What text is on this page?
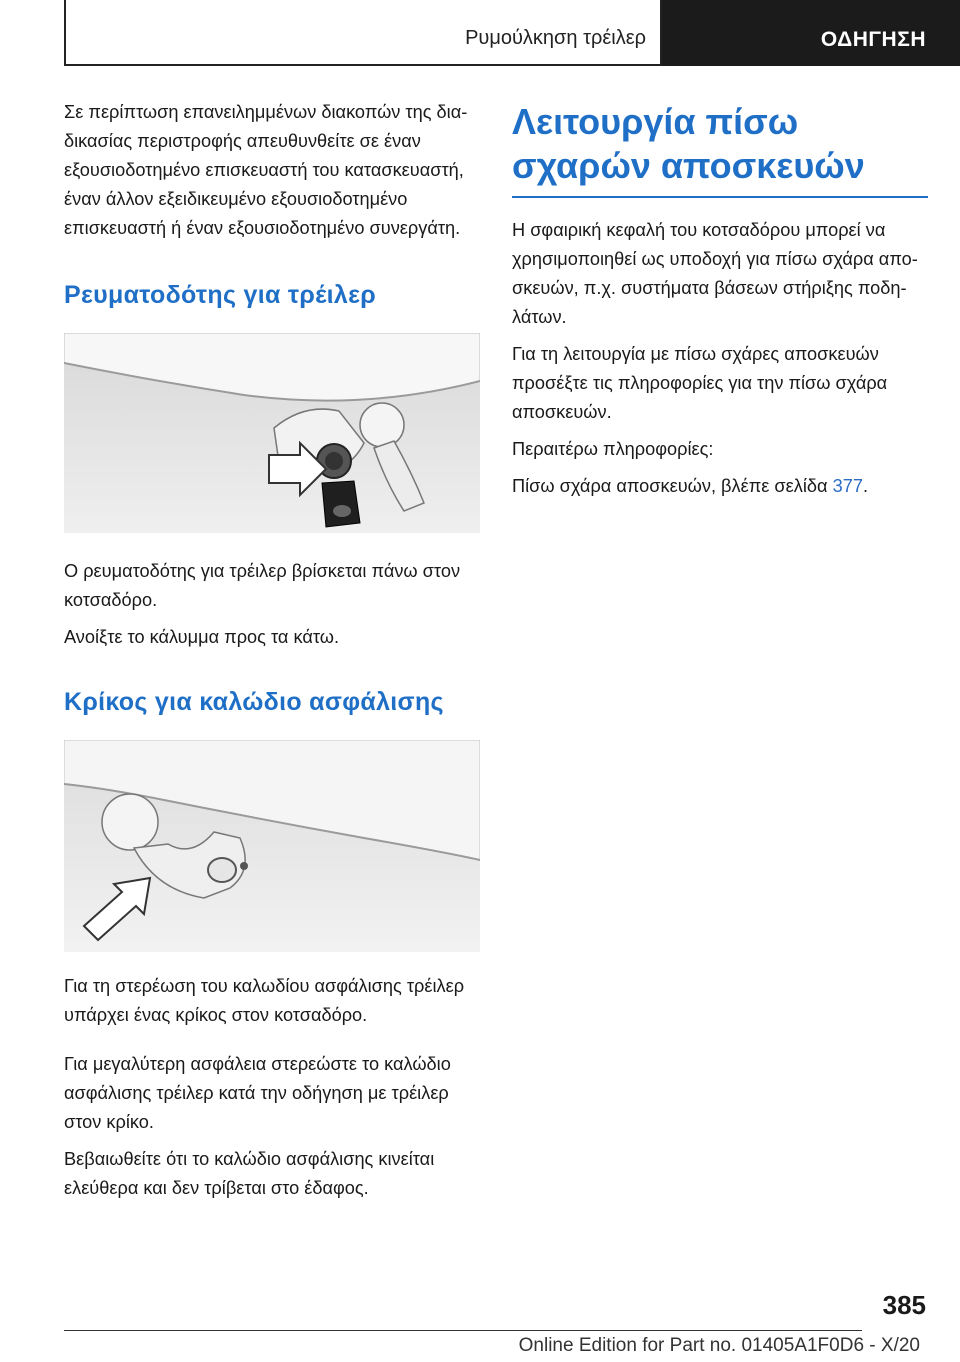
Ρυμούλκηση τρέιλερ	ΟΔΗΓΗΣΗ

Σε περίπτωση επανειλημμένων διακοπών της διαδικασίας περιστροφής απευθυνθείτε σε έναν εξουσιοδοτημένο επισκευαστή του κατασκευαστή, έναν άλλον εξειδικευμένο εξουσιοδοτημένο επισκευαστή ή έναν εξουσιοδοτημένο συνεργάτη.

Ρευματοδότης για τρέιλερ

Ο ρευματοδότης για τρέιλερ βρίσκεται πάνω στον κοτσαδόρο.

Ανοίξτε το κάλυμμα προς τα κάτω.

Κρίκος για καλώδιο ασφάλισης

Για τη στερέωση του καλωδίου ασφάλισης τρέιλερ υπάρχει ένας κρίκος στον κοτσαδόρο.

Για μεγαλύτερη ασφάλεια στερεώστε το καλώδιο ασφάλισης τρέιλερ κατά την οδήγηση με τρέιλερ στον κρίκο.

Βεβαιωθείτε ότι το καλώδιο ασφάλισης κινείται ελεύθερα και δεν τρίβεται στο έδαφος.

Λειτουργία πίσω σχαρών αποσκευών

Η σφαιρική κεφαλή του κοτσαδόρου μπορεί να χρησιμοποιηθεί ως υποδοχή για πίσω σχάρα αποσκευών, π.χ. συστήματα βάσεων στήριξης ποδηλάτων.

Για τη λειτουργία με πίσω σχάρες αποσκευών προσέξτε τις πληροφορίες για την πίσω σχάρα αποσκευών.

Περαιτέρω πληροφορίες:

Πίσω σχάρα αποσκευών, βλέπε σελίδα 377.

385
Online Edition for Part no. 01405A1F0D6 - X/20
